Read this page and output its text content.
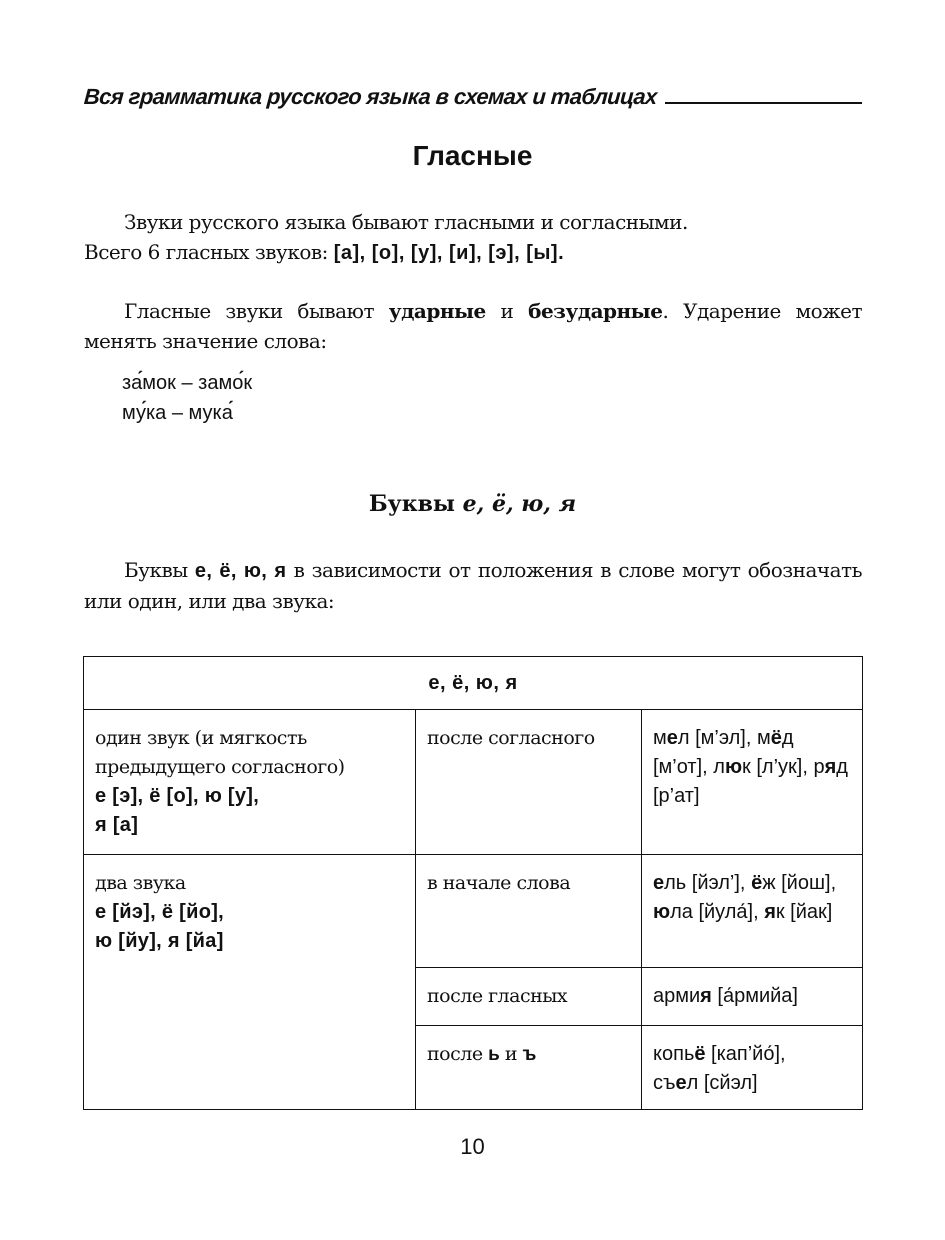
Вся грамматика русского языка в схемах и таблицах
Гласные
Звуки русского языка бывают гласными и согласными.
Всего 6 гласных звуков: [а], [о], [у], [и], [э], [ы].
Гласные звуки бывают ударные и безударные. Ударение может менять значение слова:
замок – замок
мука – мука
Буквы е, ё, ю, я
Буквы е, ё, ю, я в зависимости от положения в слове могут обозначать или один, или два звука:
е, ё, ю, я		
один звук (и мягкость предыдущего согласного)
е [э], ё [о], ю [у],
я [а]	после согласного	мел [м’эл], мёд [м’от], люк [л’ук], ряд [р’ат]
два звука
е [йэ], ё [йо],
ю [йу], я [йа]	в начале слова	ель [йэл’], ёж [йош], юла [йула́], як [йак]
	после гласных	армия [а́рмийа]
	после ь и ъ	копьё [кап’йо́],
съел [сйэл]
10
